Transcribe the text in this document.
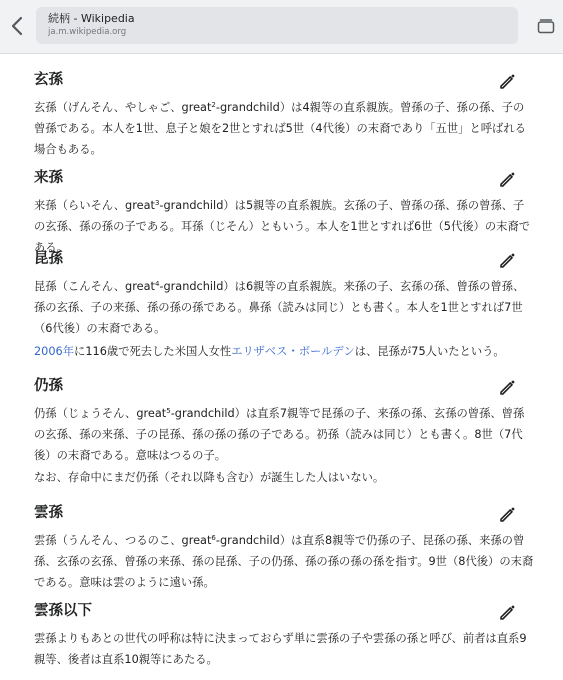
続柄 - Wikipedia
ja.m.wikipedia.org
玄孫

玄孫（げんそん、やしゃご、great$^2$-grandchild）は4親等の直系親族。曾孫の子、孫の孫、子の曾孫である。本人を1世、息子と娘を2世とすれば5世（4代後）の末裔であり「五世」と呼ばれる場合もある。

来孫

来孫（らいそん、great$^3$-grandchild）は5親等の直系親族。玄孫の子、曾孫の孫、孫の曾孫、子の玄孫、孫の孫の子である。耳孫（じそん）ともいう。本人を1世とすれば6世（5代後）の末裔である。

昆孫

昆孫（こんそん、great$^4$-grandchild）は6親等の直系親族。来孫の子、玄孫の孫、曾孫の曾孫、孫の玄孫、子の来孫、孫の孫の孫である。鼻孫（読みは同じ）とも書く。本人を1世とすれば7世（6代後）の末裔である。

2006年に116歳で死去した米国人女性エリザベス・ボールデンは、昆孫が75人いたという。

仍孫

仍孫（じょうそん、great$^5$-grandchild）は直系7親等で昆孫の子、来孫の孫、玄孫の曾孫、曾孫の玄孫、孫の来孫、子の昆孫、孫の孫の孫の子である。礽孫（読みは同じ）とも書く。8世（7代後）の末裔である。意味はつるの子。

なお、存命中にまだ仍孫（それ以降も含む）が誕生した人はいない。

雲孫

雲孫（うんそん、つるのこ、great$^6$-grandchild）は直系8親等で仍孫の子、昆孫の孫、来孫の曾孫、玄孫の玄孫、曾孫の来孫、孫の昆孫、子の仍孫、孫の孫の孫の孫を指す。9世（8代後）の末裔である。意味は雲のように遠い孫。

雲孫以下

雲孫よりもあとの世代の呼称は特に決まっておらず単に雲孫の子や雲孫の孫と呼び、前者は直系9親等、後者は直系10親等にあたる。
